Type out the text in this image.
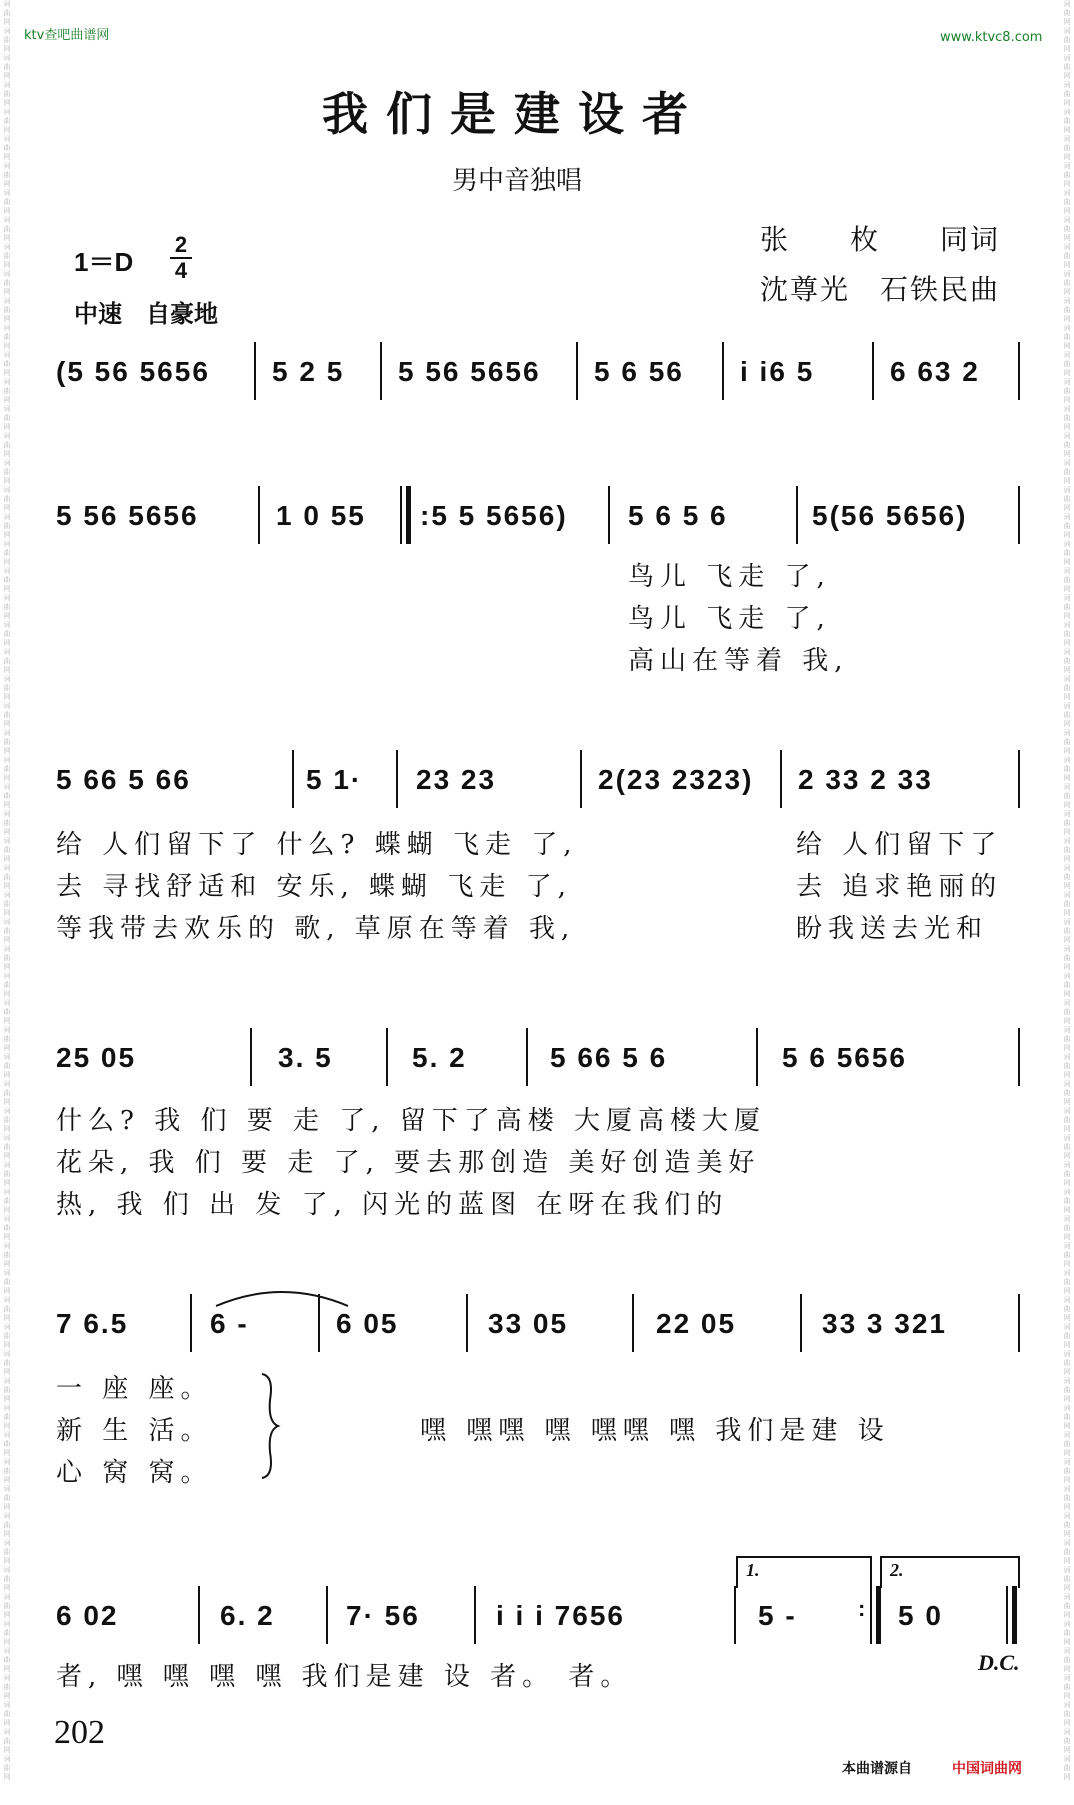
词
曲
网
词
曲
网
词
曲
网
词
曲
网
词
曲
网
词
曲
网
词
曲
网
词
曲
网
词
曲
网
词
曲
网
词
曲
网
词
曲
网
词
曲
网
词
曲
网
词
曲
网
词
曲
网
词
曲
网
词
曲
网
词
曲
网
词
曲
网
词
曲
网
词
曲
网
词
曲
网
词
曲
网
词
曲
网
词
曲
网
词
曲
网
词
曲
网
词
曲
网
词
曲
网
词
曲
网
词
曲
网
词
曲
网
词
曲
网
词
曲
网
词
曲
网
词
曲
网
词
曲
网
词
曲
网
词
曲
网
词
曲
网
词
曲
网
词
曲
网
词
曲
网
词
曲
网
词
曲
网
词
曲
网
词
曲
网
词
曲
网
词
曲
网
词
曲
网
词
曲
网
词
曲
网
词
曲
网
词
曲
网
词
曲
网
词
曲
网
词
曲
网
词
曲
网
词
曲
网
词
曲
网
词
曲
网
词
曲
网
词
曲
网
词
曲
网
词
曲
网
词
曲
网
词
曲
网
词
曲
网
词
曲
网
词
曲
网
词
曲
网
词
曲
网
词
曲
网
词
曲
网
词
曲
网
词
曲
网
词
曲
网
词
曲
网
词
曲
网
词
曲
网
词
曲
网
词
曲
网
词
曲
网
词
曲
网
词
曲
网
词
曲
网
词
曲
网
词
曲
网
词
曲
网
词
曲
网
词
曲
网
词
曲
网
词
曲
网
词
曲
网
词
曲
网
词
曲
网
词
曲
网
词
曲
网
词
曲
网
词
曲
网
词
曲
网
词
曲
网
词
曲
网
词
曲
网
词
曲
网
词
曲
网
词
曲
网
词
曲
网
词
曲
网
词
曲
网
词
曲
网
词
曲
网
词
曲
网
词
曲
网
词
曲
网
词
曲
网
词
曲
网
词
曲
网
词
曲
网
词
曲
网
词
曲
网
词
曲
网
词
曲
网
词
曲
网
词
曲
网
词
曲
网
词
曲
网
词
曲
网
词
曲
网
词
曲
网
词
曲
网
ktv查吧曲谱网	www.ktvc8.com
我们是建设者
男中音独唱
张　　枚　　同词
沈尊光　石铁民曲
1＝D
2
4
中速　自豪地
(5 56 5656 5 2 5 5 56 5656 5 6 56 i i6 5	6 63 2
5 56 5656	1 0 55 :5 5 5656) 5 6 5 6	5(56 5656)
鸟儿 飞走 了,
鸟儿 飞走 了,
高山在等着 我,
5 66 5 66	5 1· 23 23	2(23 2323) 2 33 2 33
给 人们留下了 什么? 蝶蝴 飞走 了,
去 寻找舒适和 安乐, 蝶蝴 飞走 了,
等我带去欢乐的 歌, 草原在等着 我,
给 人们留下了
去 追求艳丽的
盼我送去光和
25 05	3. 5	5. 2	5 66 5 6	5 6 5656
什么? 我 们 要 走 了, 留下了高楼 大厦高楼大厦
花朵, 我 们 要 走 了, 要去那创造 美好创造美好
热, 我 们 出 发 了, 闪光的蓝图 在呀在我们的
7 6.5	6 -	6 05	33 05	22 05	33 3 321
一 座 座。
新 生 活。
心 窝 窝。
嘿 嘿嘿 嘿 嘿嘿 嘿 我们是建 设
6 02	6. 2	7· 56	i i i 7656
1.
5 -	:
2.
5 0
者, 嘿 嘿 嘿 嘿 我们是建 设 者。 者。	D.C.
202
本曲谱源自	中国词曲网
